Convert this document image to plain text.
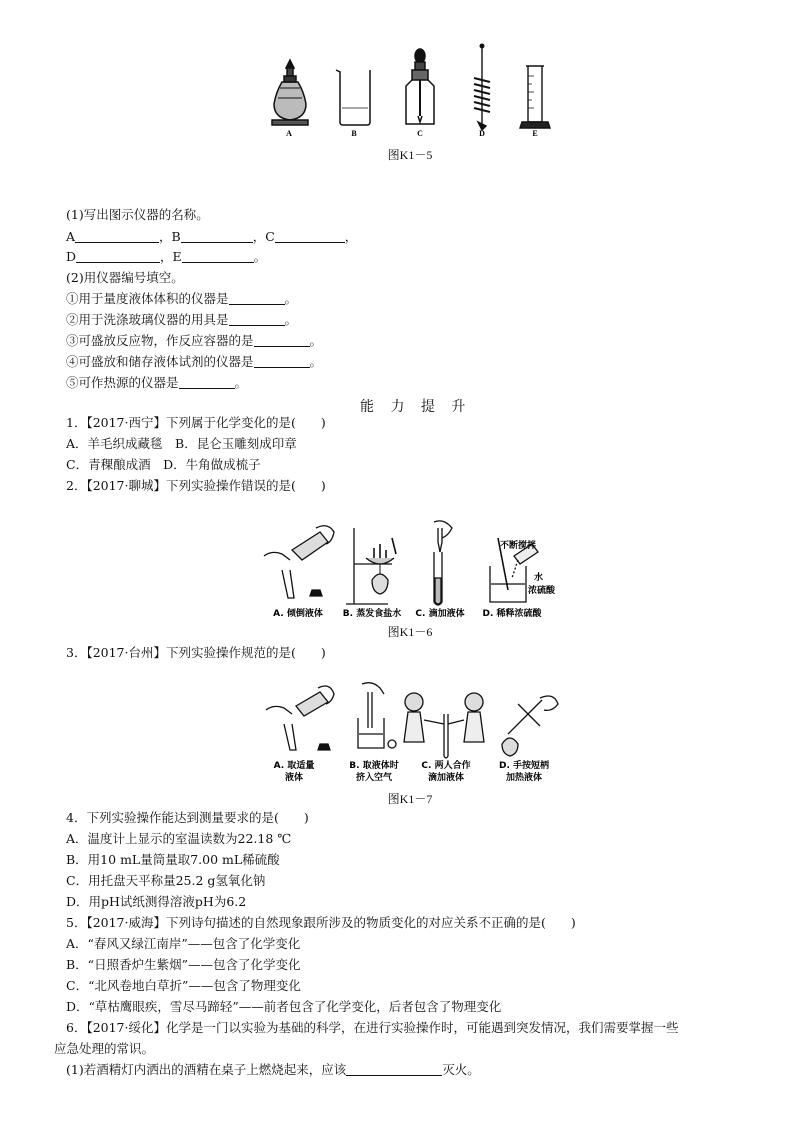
A	B	C	D	E
图K1－5
(1)写出图示仪器的名称。
A	，B	，C	，
D	，E	。
(2)用仪器编号填空。
①用于量度液体体积的仪器是	。
②用于洗涤玻璃仪器的用具是	。
③可盛放反应物，作反应容器的是	。
④可盛放和储存液体试剂的仪器是	。
⑤可作热源的仪器是	。
能 力 提 升
1．【2017·西宁】下列属于化学变化的是(　　)
A．羊毛织成藏毯　B．昆仑玉雕刻成印章
C．青稞酿成酒　D．牛角做成梳子
2．【2017·聊城】下列实验操作错误的是(　　)
不断搅拌
水
浓硫酸
A. 倾倒液体 B. 蒸发食盐水 C. 滴加液体 D. 稀释浓硫酸
图K1－6
3．【2017·台州】下列实验操作规范的是(　　)
A. 取适量
液体
B. 取液体时
挤入空气
C. 两人合作
滴加液体
D. 手按短柄
加热液体
图K1－7
4．下列实验操作能达到测量要求的是(　　)
A．温度计上显示的室温读数为22.18 ℃
B．用10 mL量筒量取7.00 mL稀硫酸
C．用托盘天平称量25.2 g氢氧化钠
D．用pH试纸测得溶液pH为6.2
5．【2017·威海】下列诗句描述的自然现象跟所涉及的物质变化的对应关系不正确的是(　　)
A．“春风又绿江南岸”——包含了化学变化
B．“日照香炉生紫烟”——包含了化学变化
C．“北风卷地白草折”——包含了物理变化
D．“草枯鹰眼疾，雪尽马蹄轻”——前者包含了化学变化，后者包含了物理变化
6．【2017·绥化】化学是一门以实验为基础的科学，在进行实验操作时，可能遇到突发情况，我们需要掌握一些
应急处理的常识。
(1)若酒精灯内洒出的酒精在桌子上燃烧起来，应该	灭火。
